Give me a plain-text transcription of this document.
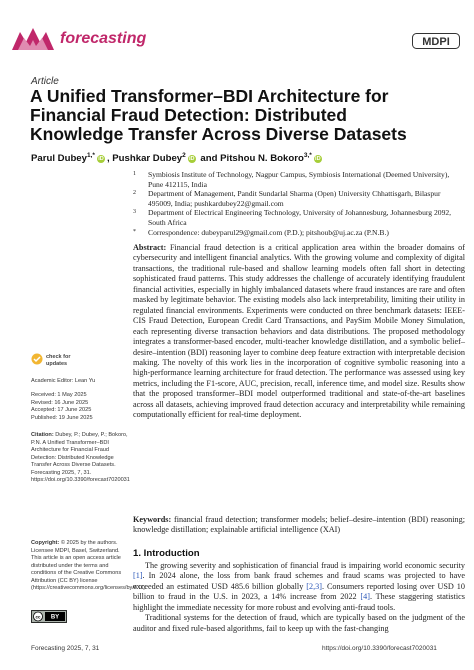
forecasting	MDPI
Article
A Unified Transformer–BDI Architecture for Financial Fraud Detection: Distributed Knowledge Transfer Across Diverse Datasets
Parul Dubey$^{1,*}$ iD , Pushkar Dubey$^2$ iD and Pitshou N. Bokoro$^{3,*}$ iD
1	Symbiosis Institute of Technology, Nagpur Campus, Symbiosis International (Deemed University), Pune 412115, India
2	Department of Management, Pandit Sundarlal Sharma (Open) University Chhattisgarh, Bilaspur 495009, India; pushkardubey22@gmail.com
3	Department of Electrical Engineering Technology, University of Johannesburg, Johannesburg 2092, South Africa
*	Correspondence: dubeyparul29@gmail.com (P.D.); pitshoub@uj.ac.za (P.N.B.)
Abstract: Financial fraud detection is a critical application area within the broader domains of cybersecurity and intelligent financial analytics. With the growing volume and complexity of digital transactions, the traditional rule-based and shallow learning models often fall short in detecting sophisticated fraud patterns. This study addresses the challenge of accurately identifying fraudulent financial activities, especially in highly imbalanced datasets where fraud instances are rare and often masked by legitimate behavior. The existing models also lack interpretability, limiting their utility in regulated financial environments. Experiments were conducted on three benchmark datasets: IEEE-CIS Fraud Detection, European Credit Card Transactions, and PaySim Mobile Money Simulation, each representing diverse transaction behaviors and data distributions. The proposed methodology integrates a transformer-based encoder, multi-teacher knowledge distillation, and a symbolic belief–desire–intention (BDI) reasoning layer to combine deep feature extraction with interpretable decision making. The novelty of this work lies in the incorporation of cognitive symbolic reasoning into a high-performance learning architecture for fraud detection. The performance was assessed using key metrics, including the F1-score, AUC, precision, recall, inference time, and model size. Results show that the proposed transformer–BDI model outperformed traditional and state-of-the-art baselines across all datasets, achieving improved fraud detection accuracy and interpretability while remaining computationally efficient for real-time deployment.
Keywords: financial fraud detection; transformer models; belief–desire–intention (BDI) reasoning; knowledge distillation; explainable artificial intelligence (XAI)
check for
updates
Academic Editor: Lean Yu
Received: 1 May 2025
Revised: 16 June 2025
Accepted: 17 June 2025
Published: 19 June 2025
Citation: Dubey, P.; Dubey, P.; Bokoro, P.N. A Unified Transformer–BDI Architecture for Financial Fraud Detection: Distributed Knowledge Transfer Across Diverse Datasets. Forecasting 2025, 7, 31. https://doi.org/10.3390/forecast7020031
Copyright: © 2025 by the authors. Licensee MDPI, Basel, Switzerland. This article is an open access article distributed under the terms and conditions of the Creative Commons Attribution (CC BY) license (https://creativecommons.org/licenses/by/4.0/).
cc BY
1. Introduction
The growing severity and sophistication of financial fraud is impairing world economic security [1]. In 2024 alone, the loss from bank fraud schemes and fraud scams was projected to have exceeded an estimated USD 485.6 billion globally [2,3]. Consumers reported losing over USD 10 billion to fraud in the U.S. in 2023, a 14% increase from 2022 [4]. These staggering statistics highlight the immediate necessity for more robust and evolving anti-fraud tools.
Traditional systems for the detection of fraud, which are typically based on the judgment of the auditor and fixed rule-based algorithms, fail to keep up with the fast-changing
Forecasting 2025, 7, 31	https://doi.org/10.3390/forecast7020031
